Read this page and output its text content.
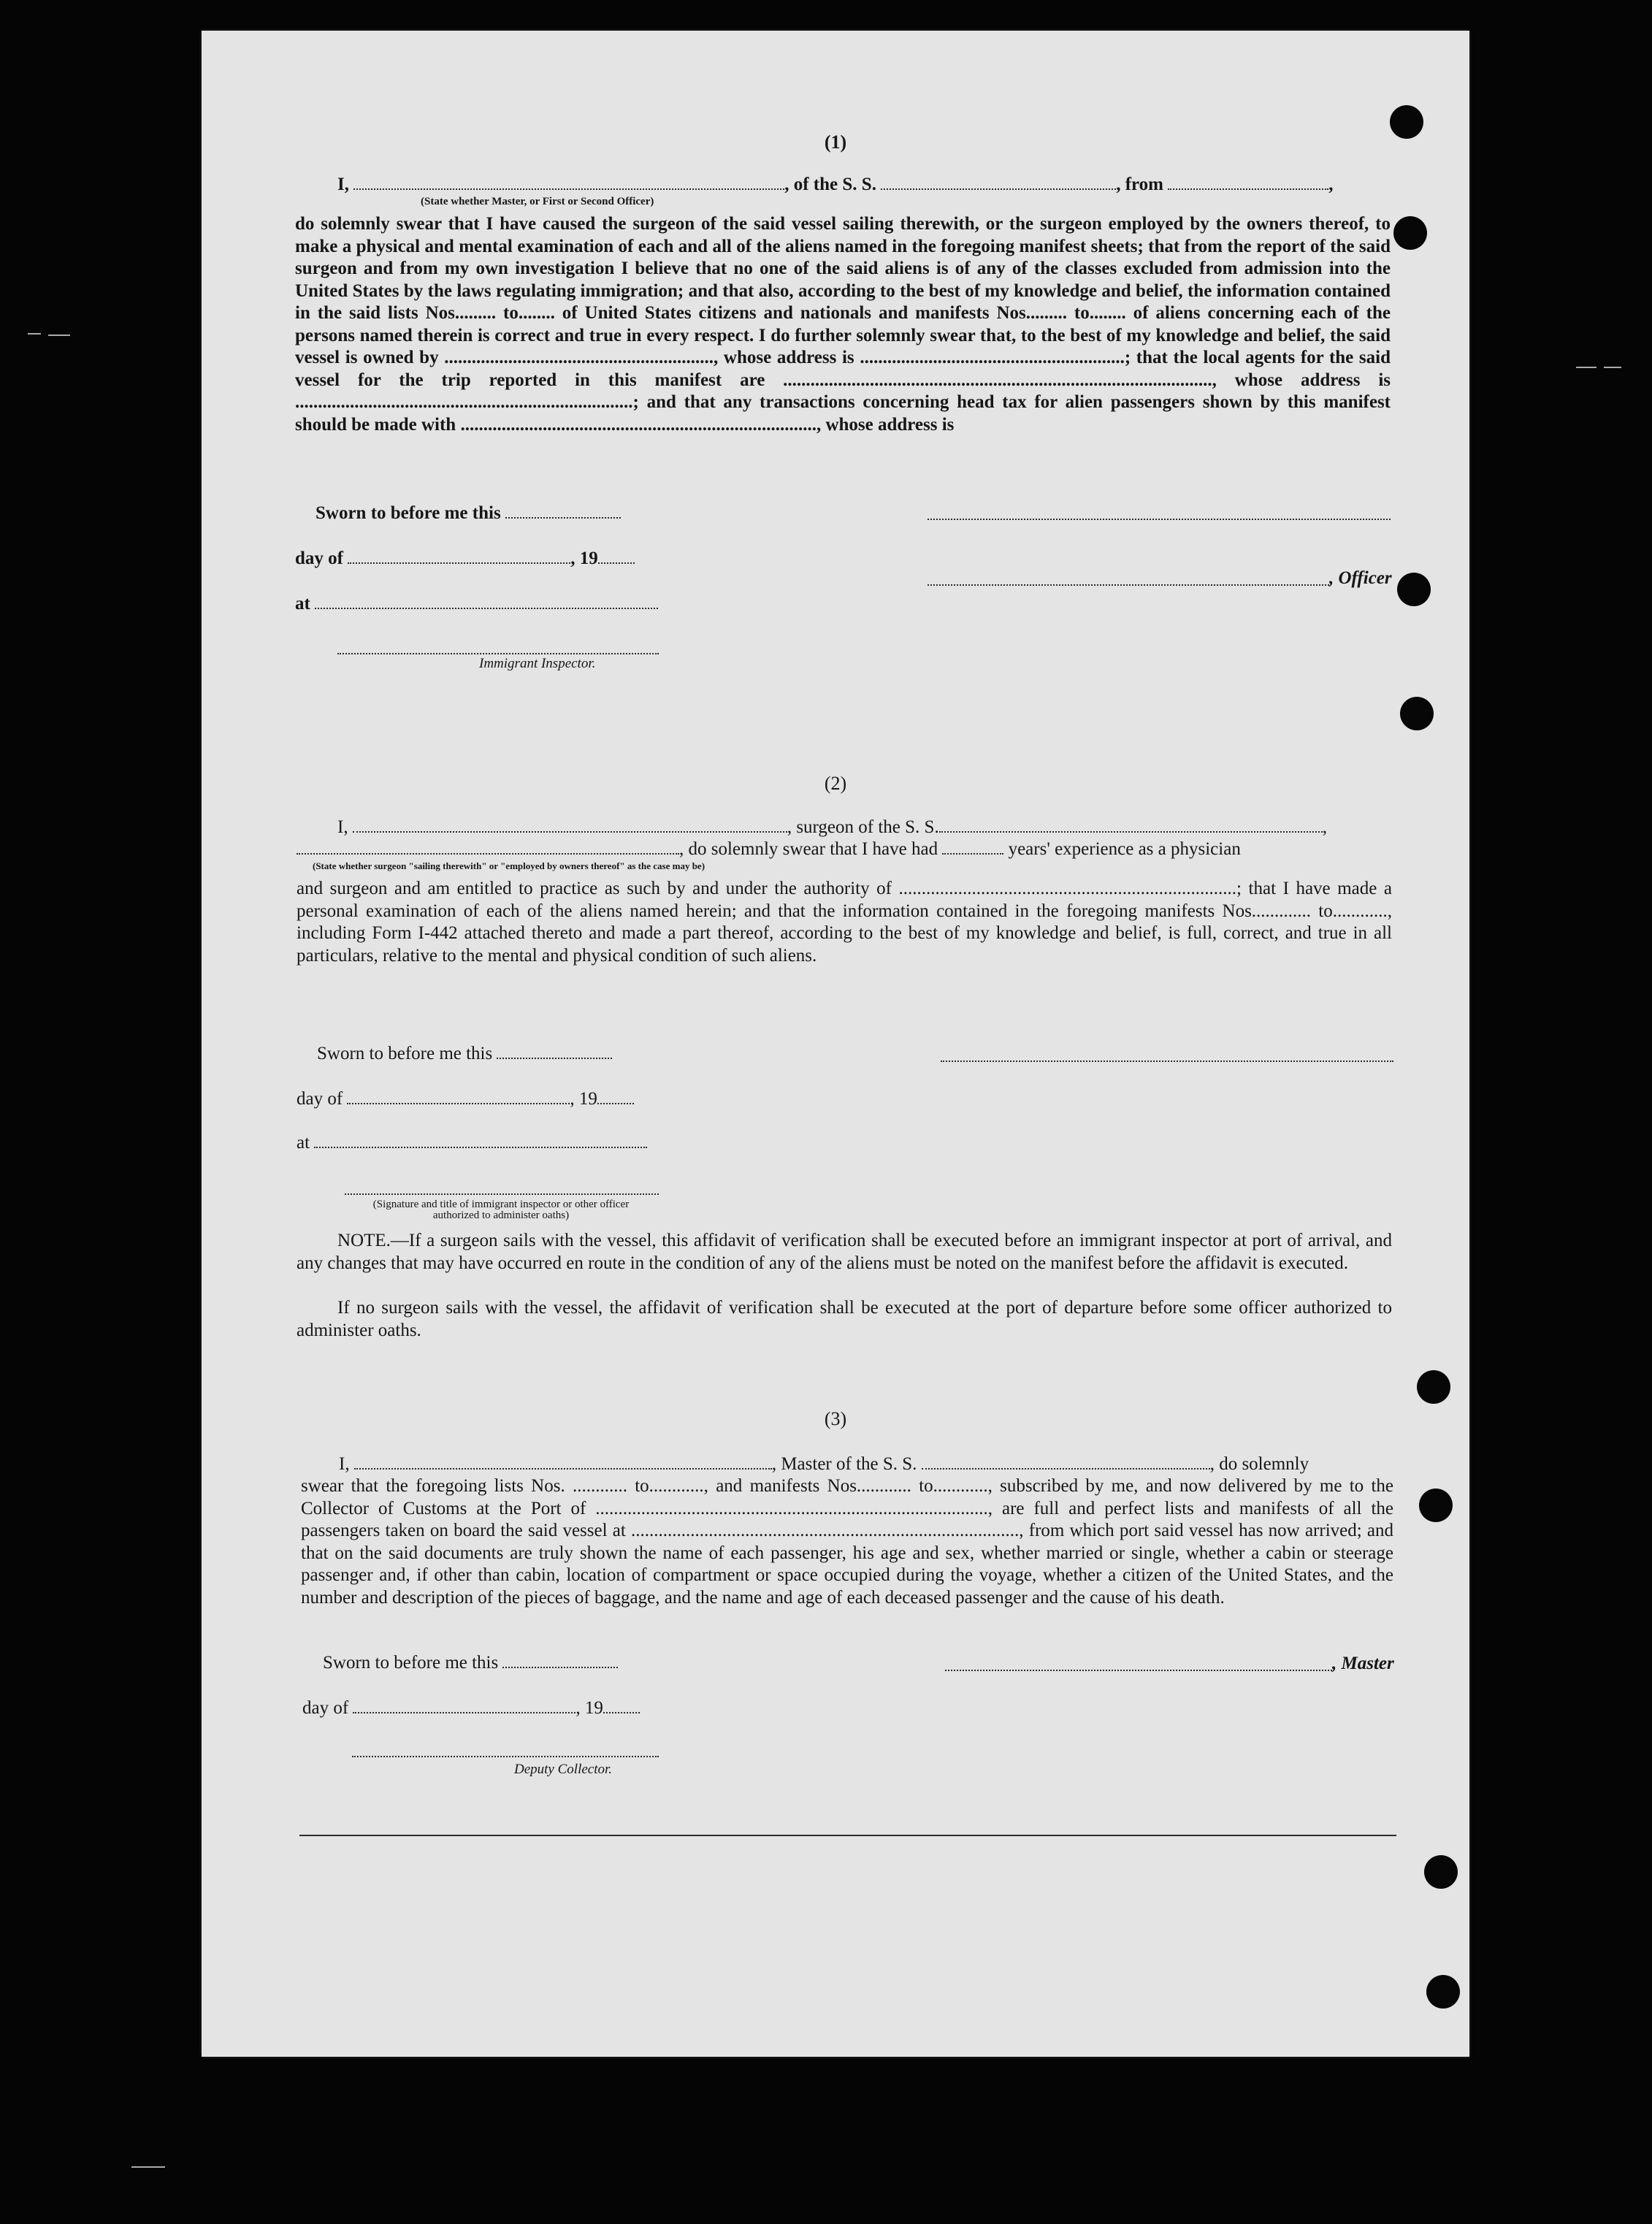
(1)
I,	, of the S. S.	, from	,
(State whether Master, or First or Second Officer)
do solemnly swear that I have caused the surgeon of the said vessel sailing therewith, or the surgeon employed by the owners thereof, to make a physical and mental examination of each and all of the aliens named in the foregoing manifest sheets; that from the report of the said surgeon and from my own investigation I believe that no one of the said aliens is of any of the classes excluded from admission into the United States by the laws regulating immigration; and that also, according to the best of my knowledge and belief, the information contained in the said lists Nos......... to........ of United States citizens and nationals and manifests Nos......... to........ of aliens concerning each of the persons named therein is correct and true in every respect. I do further solemnly swear that, to the best of my knowledge and belief, the said vessel is owned by ..........................................................., whose address is ..........................................................; that the local agents for the said vessel for the trip reported in this manifest are .............................................................................................., whose address is ..........................................................................; and that any transactions concerning head tax for alien passengers shown by this manifest should be made with .............................................................................., whose address is
Sworn to before me this
day of	, 19
, Officer
at
Immigrant Inspector.
(2)
I,	, surgeon of the S. S.	,
, do solemnly swear that I have had	years' experience as a physician
(State whether surgeon "sailing therewith" or "employed by owners thereof" as the case may be)
and surgeon and am entitled to practice as such by and under the authority of ..........................................................................; that I have made a personal examination of each of the aliens named herein; and that the information contained in the foregoing manifests Nos............. to............, including Form I-442 attached thereto and made a part thereof, according to the best of my knowledge and belief, is full, correct, and true in all particulars, relative to the mental and physical condition of such aliens.
Sworn to before me this
day of	, 19
at
(Signature and title of immigrant inspector or other officer authorized to administer oaths)
NOTE.—If a surgeon sails with the vessel, this affidavit of verification shall be executed before an immigrant inspector at port of arrival, and any changes that may have occurred en route in the condition of any of the aliens must be noted on the manifest before the affidavit is executed.
If no surgeon sails with the vessel, the affidavit of verification shall be executed at the port of departure before some officer authorized to administer oaths.
(3)
I,	, Master of the S. S.	, do solemnly
swear that the foregoing lists Nos. ............ to............, and manifests Nos............ to............, subscribed by me, and now delivered by me to the Collector of Customs at the Port of ......................................................................................, are full and perfect lists and manifests of all the passengers taken on board the said vessel at ....................................................................................., from which port said vessel has now arrived; and that on the said documents are truly shown the name of each passenger, his age and sex, whether married or single, whether a cabin or steerage passenger and, if other than cabin, location of compartment or space occupied during the voyage, whether a citizen of the United States, and the number and description of the pieces of baggage, and the name and age of each deceased passenger and the cause of his death.
Sworn to before me this	, Master
day of	, 19
Deputy Collector.
